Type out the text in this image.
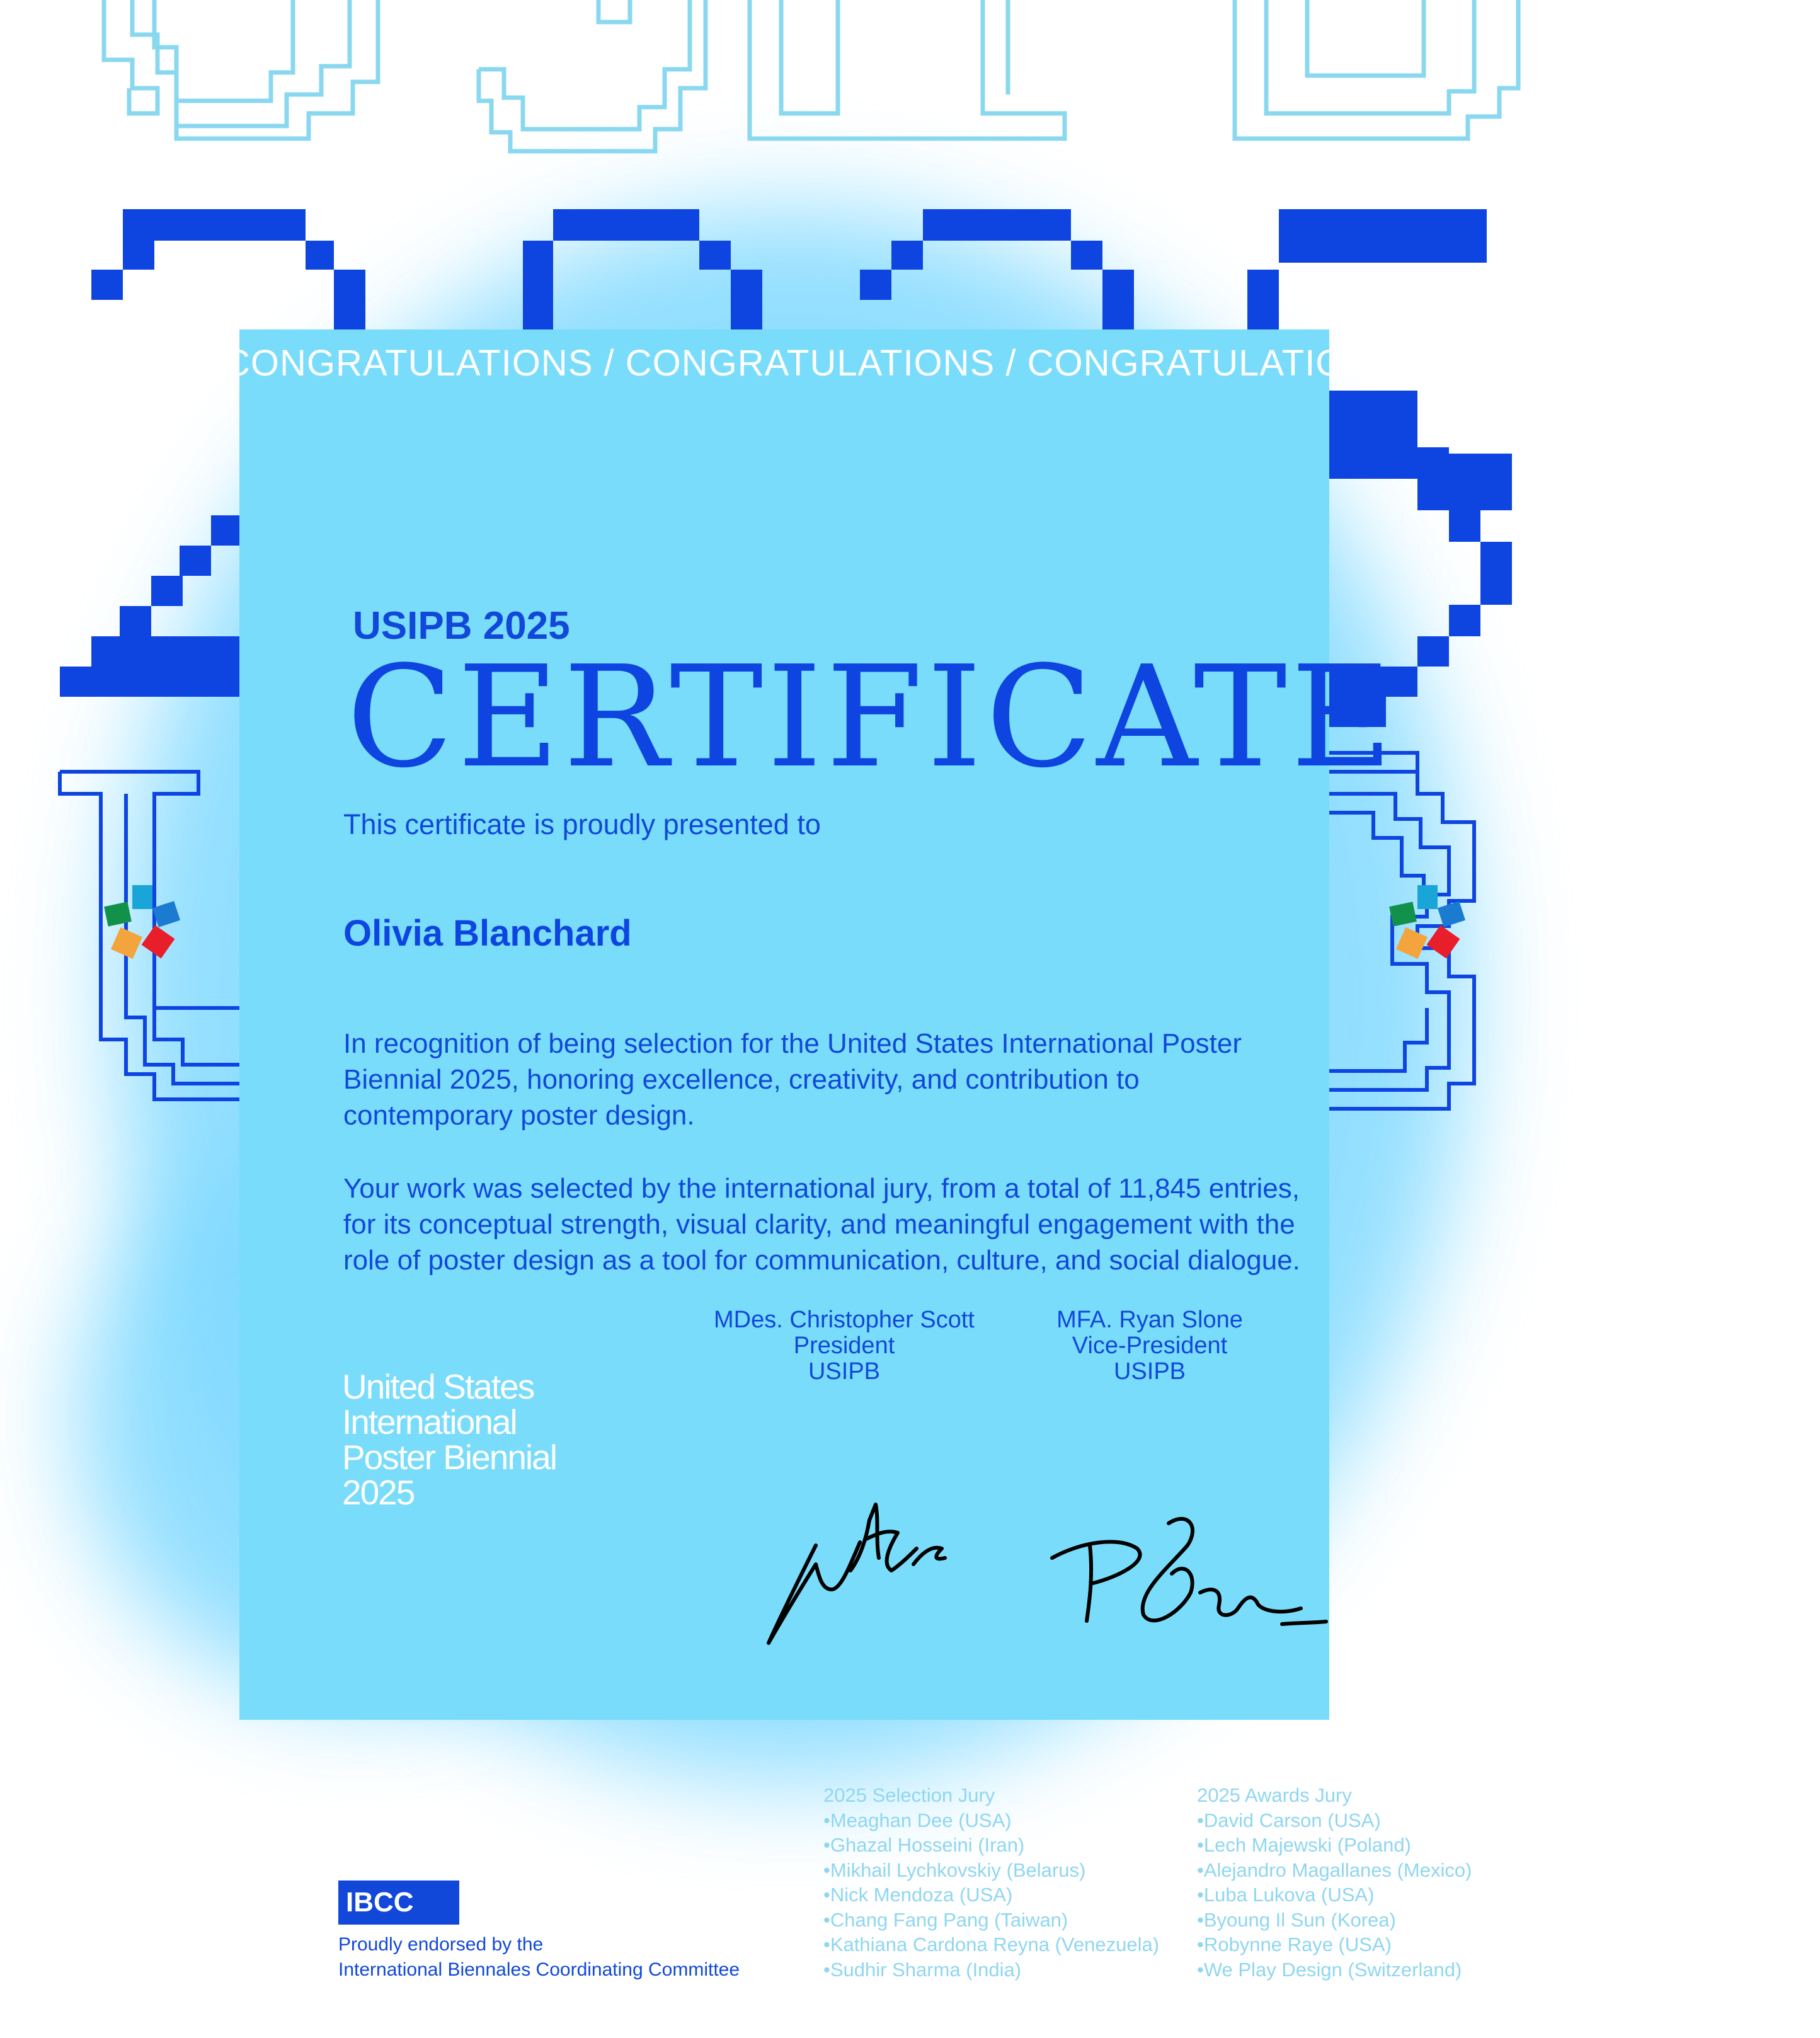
CONGRATULATIONS / CONGRATULATIONS / CONGRATULATIONS / CONGRATULATIONS /
USIPB 2025
CERTIFICATE
This certificate is proudly presented to
Olivia Blanchard
In recognition of being selection for the United States International Poster Biennial 2025, honoring excellence, creativity, and contribution to contemporary poster design.
Your work was selected by the international jury, from a total of 11,845 entries, for its conceptual strength, visual clarity, and meaningful engagement with the role of poster design as a tool for communication, culture, and social dialogue.
United States
International
Poster Biennial
2025
MDes. Christopher Scott
President
USIPB
MFA. Ryan Slone
Vice-President
USIPB
2025 Selection Jury
• Meaghan Dee (USA)
• Ghazal Hosseini (Iran)
• Mikhail Lychkovskiy (Belarus)
• Nick Mendoza (USA)
• Chang Fang Pang (Taiwan)
• Kathiana Cardona Reyna (Venezuela)
• Sudhir Sharma (India)
2025 Awards Jury
• David Carson (USA)
• Lech Majewski (Poland)
• Alejandro Magallanes (Mexico)
• Luba Lukova (USA)
• Byoung Il Sun (Korea)
• Robynne Raye (USA)
• We Play Design (Switzerland)
IBCC
Proudly endorsed by the
International Biennales Coordinating Committee
